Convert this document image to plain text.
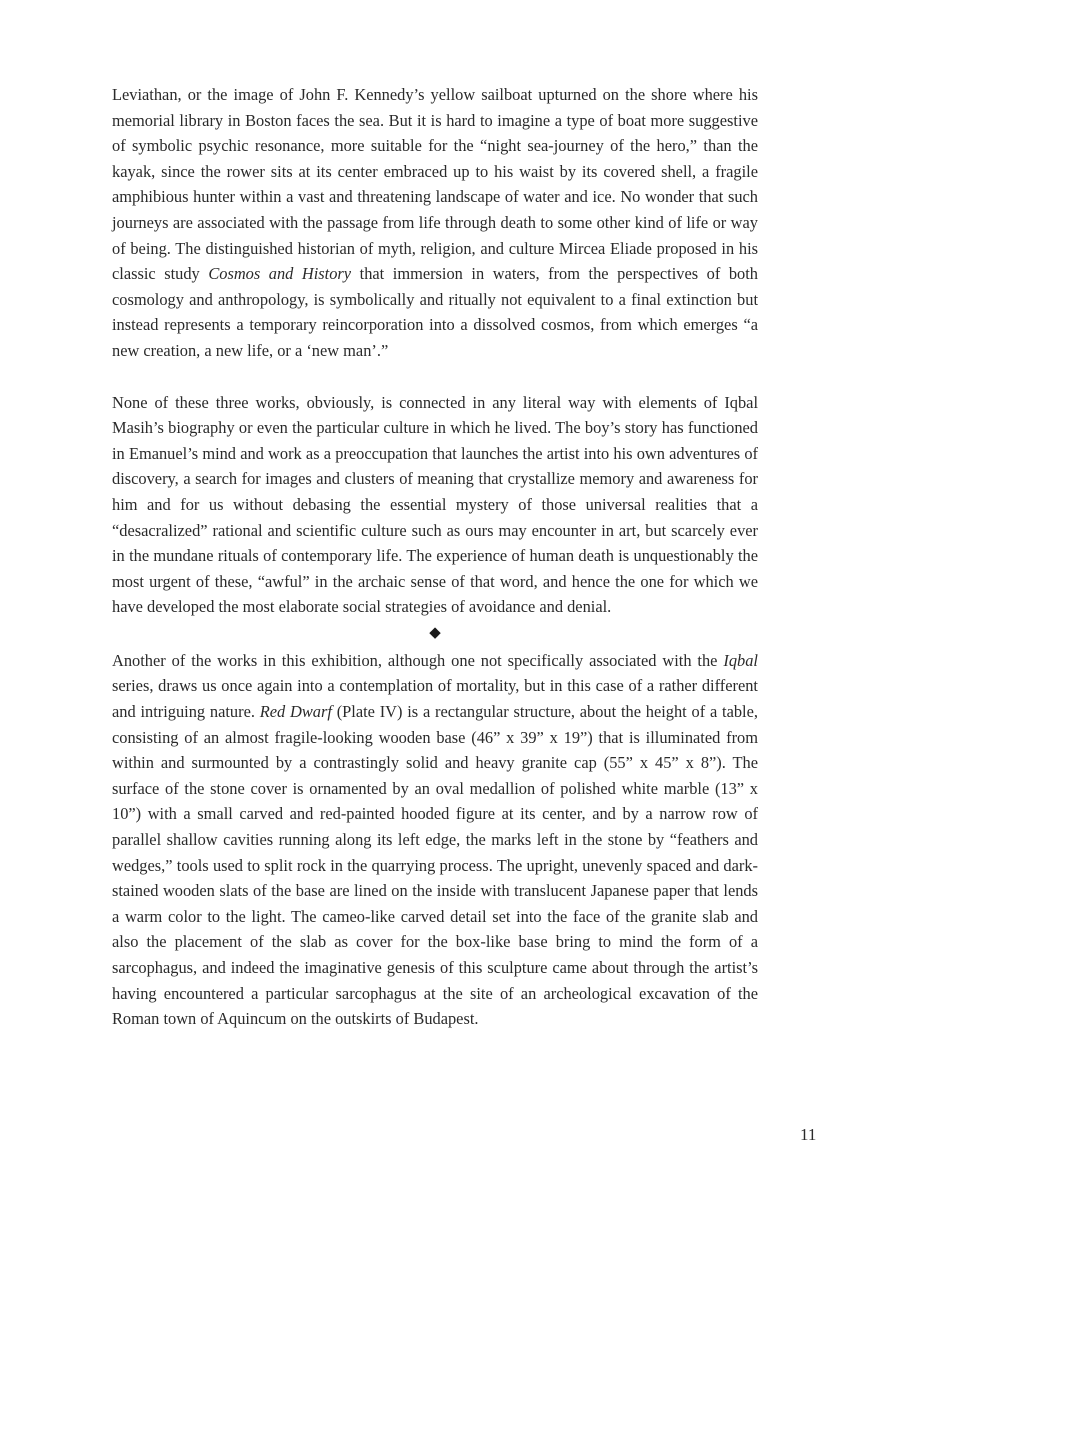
Leviathan, or the image of John F. Kennedy’s yellow sailboat upturned on the shore where his memorial library in Boston faces the sea. But it is hard to imagine a type of boat more suggestive of symbolic psychic resonance, more suitable for the “night sea-journey of the hero,” than the kayak, since the rower sits at its center embraced up to his waist by its covered shell, a fragile amphibious hunter within a vast and threatening landscape of water and ice. No wonder that such journeys are associated with the passage from life through death to some other kind of life or way of being. The distinguished historian of myth, religion, and culture Mircea Eliade proposed in his classic study Cosmos and History that immersion in waters, from the perspectives of both cosmology and anthropology, is symbolically and ritually not equivalent to a final extinction but instead represents a temporary reincorporation into a dissolved cosmos, from which emerges “a new creation, a new life, or a ‘new man’.”

None of these three works, obviously, is connected in any literal way with elements of Iqbal Masih’s biography or even the particular culture in which he lived. The boy’s story has functioned in Emanuel’s mind and work as a preoccupation that launches the artist into his own adventures of discovery, a search for images and clusters of meaning that crystallize memory and awareness for him and for us without debasing the essential mystery of those universal realities that a “desacralized” rational and scientific culture such as ours may encounter in art, but scarcely ever in the mundane rituals of contemporary life. The experience of human death is unquestionably the most urgent of these, “awful” in the archaic sense of that word, and hence the one for which we have developed the most elaborate social strategies of avoidance and denial.

◆

Another of the works in this exhibition, although one not specifically associated with the Iqbal series, draws us once again into a contemplation of mortality, but in this case of a rather different and intriguing nature. Red Dwarf (Plate IV) is a rectangular structure, about the height of a table, consisting of an almost fragile-looking wooden base (46” x 39” x 19”) that is illuminated from within and surmounted by a contrastingly solid and heavy granite cap (55” x 45” x 8”). The surface of the stone cover is ornamented by an oval medallion of polished white marble (13” x 10”) with a small carved and red-painted hooded figure at its center, and by a narrow row of parallel shallow cavities running along its left edge, the marks left in the stone by “feathers and wedges,” tools used to split rock in the quarrying process. The upright, unevenly spaced and dark-stained wooden slats of the base are lined on the inside with translucent Japanese paper that lends a warm color to the light. The cameo-like carved detail set into the face of the granite slab and also the placement of the slab as cover for the box-like base bring to mind the form of a sarcophagus, and indeed the imaginative genesis of this sculpture came about through the artist’s having encountered a particular sarcophagus at the site of an archeological excavation of the Roman town of Aquincum on the outskirts of Budapest.

11
